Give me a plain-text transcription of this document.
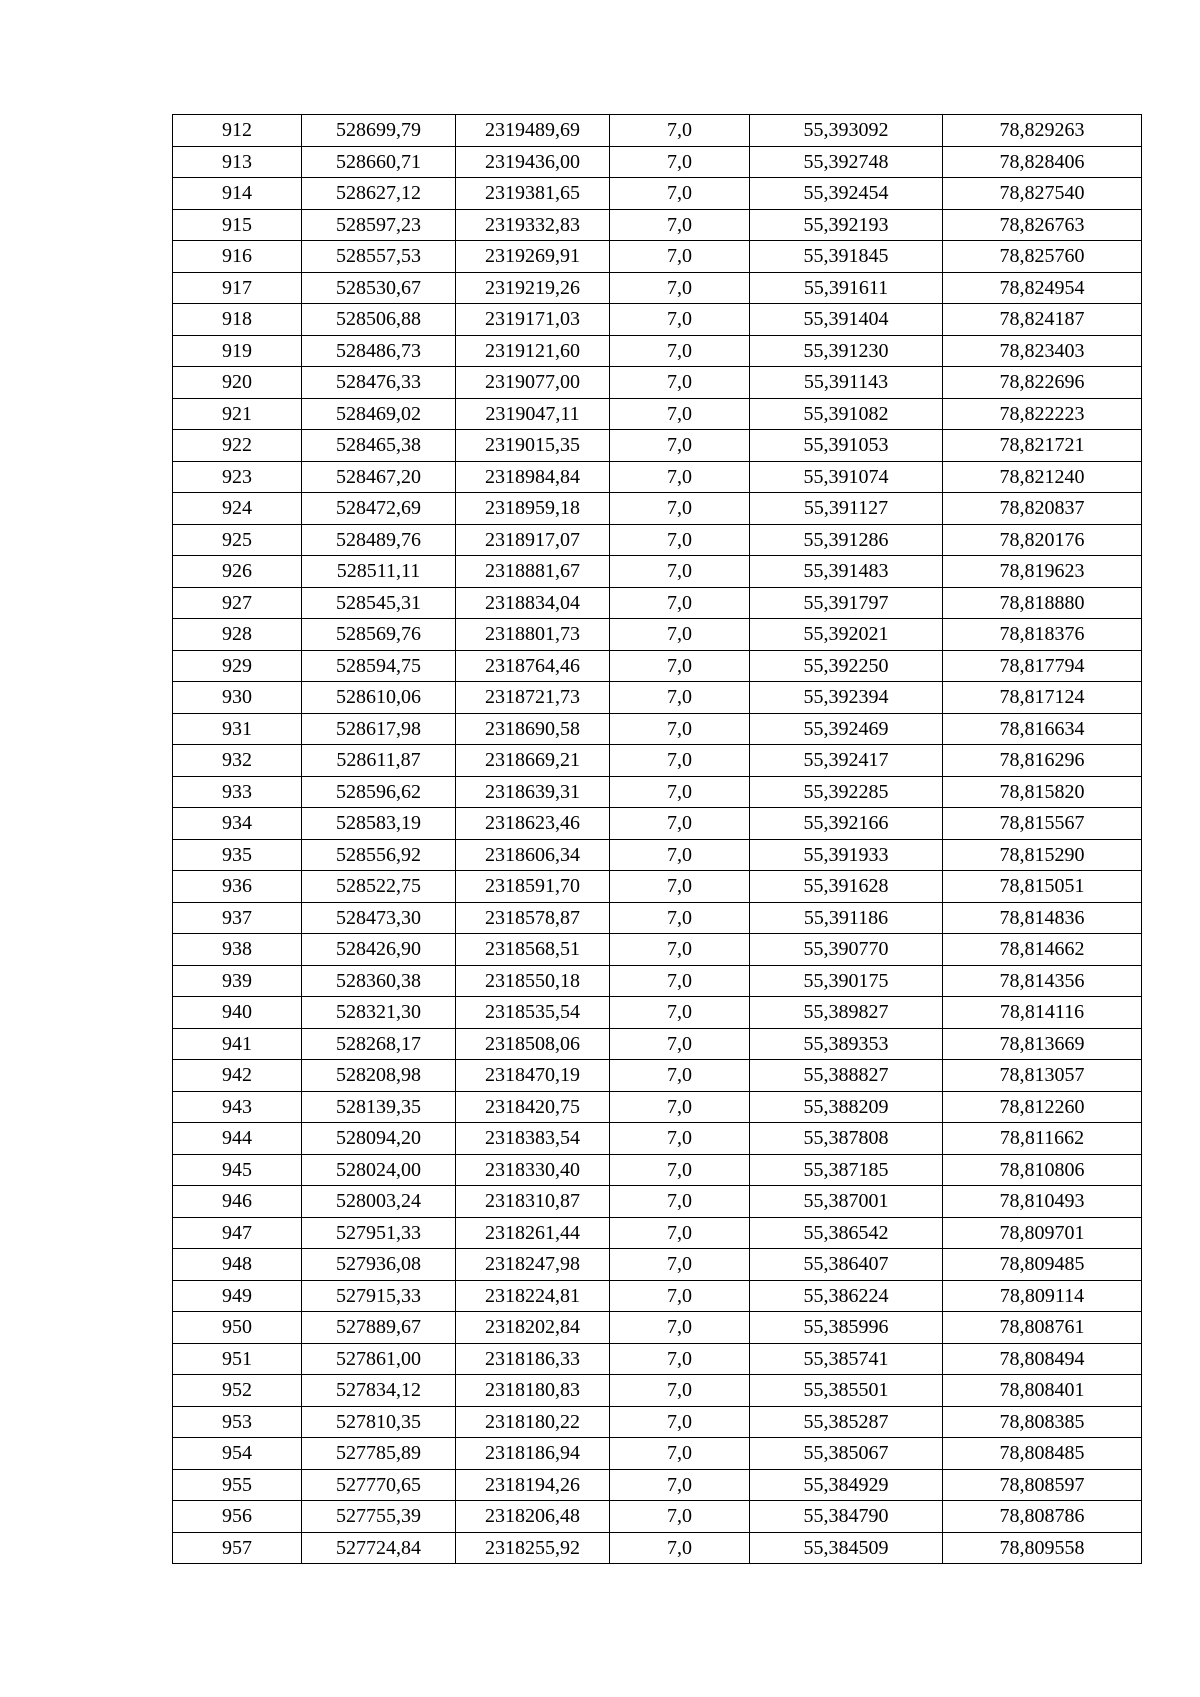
912	528699,79	2319489,69	7,0	55,393092	78,829263
913	528660,71	2319436,00	7,0	55,392748	78,828406
914	528627,12	2319381,65	7,0	55,392454	78,827540
915	528597,23	2319332,83	7,0	55,392193	78,826763
916	528557,53	2319269,91	7,0	55,391845	78,825760
917	528530,67	2319219,26	7,0	55,391611	78,824954
918	528506,88	2319171,03	7,0	55,391404	78,824187
919	528486,73	2319121,60	7,0	55,391230	78,823403
920	528476,33	2319077,00	7,0	55,391143	78,822696
921	528469,02	2319047,11	7,0	55,391082	78,822223
922	528465,38	2319015,35	7,0	55,391053	78,821721
923	528467,20	2318984,84	7,0	55,391074	78,821240
924	528472,69	2318959,18	7,0	55,391127	78,820837
925	528489,76	2318917,07	7,0	55,391286	78,820176
926	528511,11	2318881,67	7,0	55,391483	78,819623
927	528545,31	2318834,04	7,0	55,391797	78,818880
928	528569,76	2318801,73	7,0	55,392021	78,818376
929	528594,75	2318764,46	7,0	55,392250	78,817794
930	528610,06	2318721,73	7,0	55,392394	78,817124
931	528617,98	2318690,58	7,0	55,392469	78,816634
932	528611,87	2318669,21	7,0	55,392417	78,816296
933	528596,62	2318639,31	7,0	55,392285	78,815820
934	528583,19	2318623,46	7,0	55,392166	78,815567
935	528556,92	2318606,34	7,0	55,391933	78,815290
936	528522,75	2318591,70	7,0	55,391628	78,815051
937	528473,30	2318578,87	7,0	55,391186	78,814836
938	528426,90	2318568,51	7,0	55,390770	78,814662
939	528360,38	2318550,18	7,0	55,390175	78,814356
940	528321,30	2318535,54	7,0	55,389827	78,814116
941	528268,17	2318508,06	7,0	55,389353	78,813669
942	528208,98	2318470,19	7,0	55,388827	78,813057
943	528139,35	2318420,75	7,0	55,388209	78,812260
944	528094,20	2318383,54	7,0	55,387808	78,811662
945	528024,00	2318330,40	7,0	55,387185	78,810806
946	528003,24	2318310,87	7,0	55,387001	78,810493
947	527951,33	2318261,44	7,0	55,386542	78,809701
948	527936,08	2318247,98	7,0	55,386407	78,809485
949	527915,33	2318224,81	7,0	55,386224	78,809114
950	527889,67	2318202,84	7,0	55,385996	78,808761
951	527861,00	2318186,33	7,0	55,385741	78,808494
952	527834,12	2318180,83	7,0	55,385501	78,808401
953	527810,35	2318180,22	7,0	55,385287	78,808385
954	527785,89	2318186,94	7,0	55,385067	78,808485
955	527770,65	2318194,26	7,0	55,384929	78,808597
956	527755,39	2318206,48	7,0	55,384790	78,808786
957	527724,84	2318255,92	7,0	55,384509	78,809558
